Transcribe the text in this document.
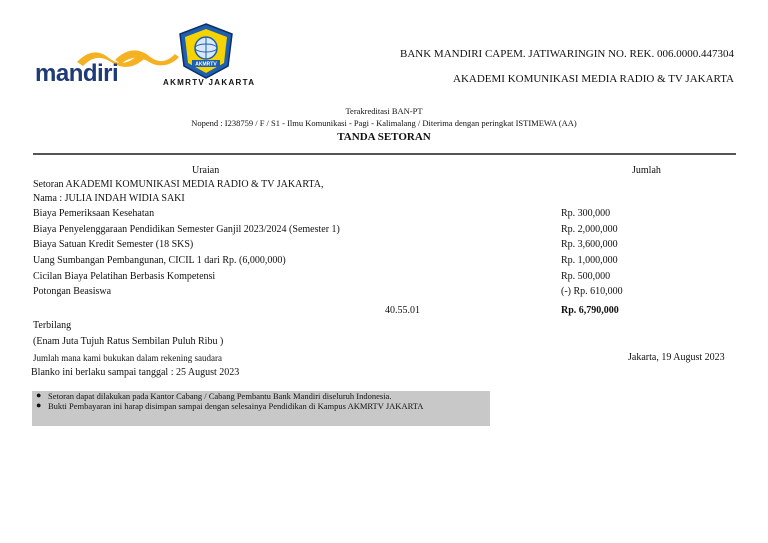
mandiri	AKMRTV
AKMRTV JAKARTA
BANK MANDIRI CAPEM. JATIWARINGIN NO. REK. 006.0000.447304
AKADEMI KOMUNIKASI MEDIA RADIO & TV JAKARTA
Terakreditasi BAN-PT
Nopend : I238759 / F / S1 - Ilmu Komunikasi - Pagi - Kalimalang / Diterima dengan peringkat ISTIMEWA (AA)
TANDA SETORAN
Uraian	Jumlah
Setoran AKADEMI KOMUNIKASI MEDIA RADIO & TV JAKARTA,
Nama : JULIA INDAH WIDIA SAKI
Biaya Pemeriksaan Kesehatan	Rp. 300,000
Biaya Penyelenggaraan Pendidikan Semester Ganjil 2023/2024 (Semester 1)	Rp. 2,000,000
Biaya Satuan Kredit Semester (18 SKS)	Rp. 3,600,000
Uang Sumbangan Pembangunan, CICIL 1 dari Rp. (6,000,000)	Rp. 1,000,000
Cicilan Biaya Pelatihan Berbasis Kompetensi	Rp. 500,000
Potongan Beasiswa	(-) Rp. 610,000
40.55.01	Rp. 6,790,000
Terbilang
(Enam Juta Tujuh Ratus Sembilan Puluh Ribu )
Jumlah mana kami bukukan dalam rekening saudara	Jakarta, 19 August 2023
Blanko ini berlaku sampai tanggal : 25 August 2023
● Setoran dapat dilakukan pada Kantor Cabang / Cabang Pembantu Bank Mandiri diseluruh Indonesia.
● Bukti Pembayaran ini harap disimpan sampai dengan selesainya Pendidikan di Kampus AKMRTV JAKARTA
